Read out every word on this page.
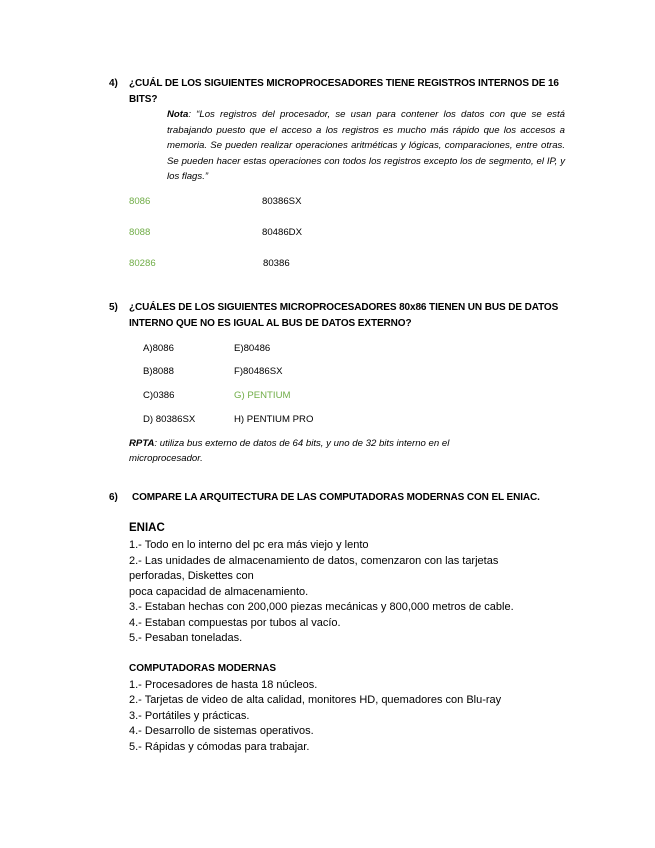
4) ¿CUÁL DE LOS SIGUIENTES MICROPROCESADORES TIENE REGISTROS INTERNOS DE 16
BITS?
Nota: “Los registros del procesador, se usan para contener los datos con que se está trabajando puesto que el acceso a los registros es mucho más rápido que los accesos a memoria. Se pueden realizar operaciones aritméticas y lógicas, comparaciones, entre otras. Se pueden hacer estas operaciones con todos los registros excepto los de segmento, el IP, y los flags.”
8086
8088
80286
80386SX
80486DX
80386
5) ¿CUÁLES DE LOS SIGUIENTES MICROPROCESADORES 80x86 TIENEN UN BUS DE DATOS
INTERNO QUE NO ES IGUAL AL BUS DE DATOS EXTERNO?
A)8086
B)8088
C)0386
D) 80386SX
E)80486
F)80486SX
G) PENTIUM
H) PENTIUM PRO
RPTA: utiliza bus externo de datos de 64 bits, y uno de 32 bits interno en el microprocesador.
6) COMPARE LA ARQUITECTURA DE LAS COMPUTADORAS MODERNAS CON EL ENIAC.
ENIAC
1.- Todo en lo interno del pc era más viejo y lento
2.- Las unidades de almacenamiento de datos, comenzaron con las tarjetas
perforadas, Diskettes con
poca capacidad de almacenamiento.
3.- Estaban hechas con 200,000 piezas mecánicas y 800,000 metros de cable.
4.- Estaban compuestas por tubos al vacío.
5.- Pesaban toneladas.
COMPUTADORAS MODERNAS
1.- Procesadores de hasta 18 núcleos.
2.- Tarjetas de video de alta calidad, monitores HD, quemadores con Blu-ray
3.- Portátiles y prácticas.
4.- Desarrollo de sistemas operativos.
5.- Rápidas y cómodas para trabajar.
